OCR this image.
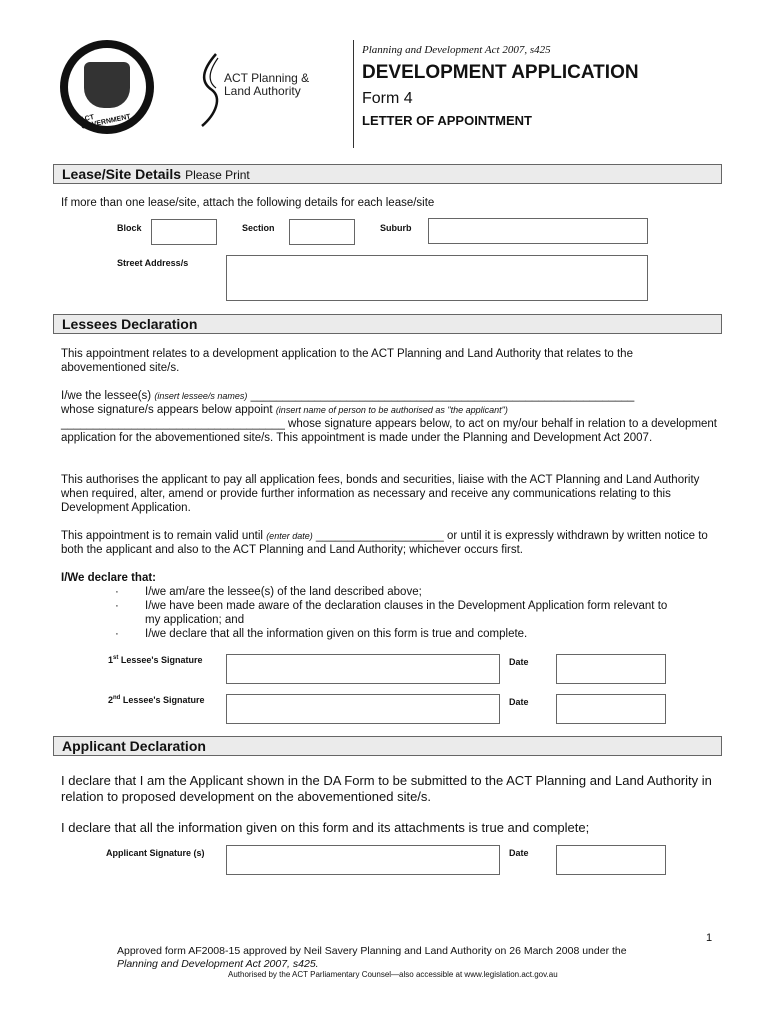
ACT GOVERNMENT
ACT Planning &
Land Authority
Planning and Development Act 2007, s425
DEVELOPMENT APPLICATION
Form 4
LETTER OF APPOINTMENT
Lease/Site Details Please Print
If more than one lease/site, attach the following details for each lease/site
Block	Section	Suburb
Street Address/s
Lessees Declaration
This appointment relates to a development application to the ACT Planning and Land Authority that relates to the abovementioned site/s.
I/we the lessee(s) (insert lessee/s names) ____________________________________________________________
whose signature/s appears below appoint (insert name of person to be authorised as "the applicant")
___________________________________ whose signature appears below, to act on my/our behalf in relation to a development application for the abovementioned site/s. This appointment is made under the Planning and Development Act 2007.
This authorises the applicant to pay all application fees, bonds and securities, liaise with the ACT Planning and Land Authority when required, alter, amend or provide further information as necessary and receive any communications relating to this Development Application.
This appointment is to remain valid until (enter date) ____________________ or until it is expressly withdrawn by written notice to both the applicant and also to the ACT Planning and Land Authority; whichever occurs first.
I/We declare that:
· I/we am/are the lessee(s) of the land described above;
· I/we have been made aware of the declaration clauses in the Development Application form relevant to my application; and
· I/we declare that all the information given on this form is true and complete.
1st Lessee's Signature	Date
2nd Lessee's Signature	Date
Applicant Declaration
I declare that I am the Applicant shown in the DA Form to be submitted to the ACT Planning and Land Authority in relation to proposed development on the abovementioned site/s.
I declare that all the information given on this form and its attachments is true and complete;
Applicant Signature (s)	Date
1
Approved form AF2008-15 approved by Neil Savery Planning and Land Authority on 26 March 2008 under the
Planning and Development Act 2007, s425.
Authorised by the ACT Parliamentary Counsel—also accessible at www.legislation.act.gov.au
